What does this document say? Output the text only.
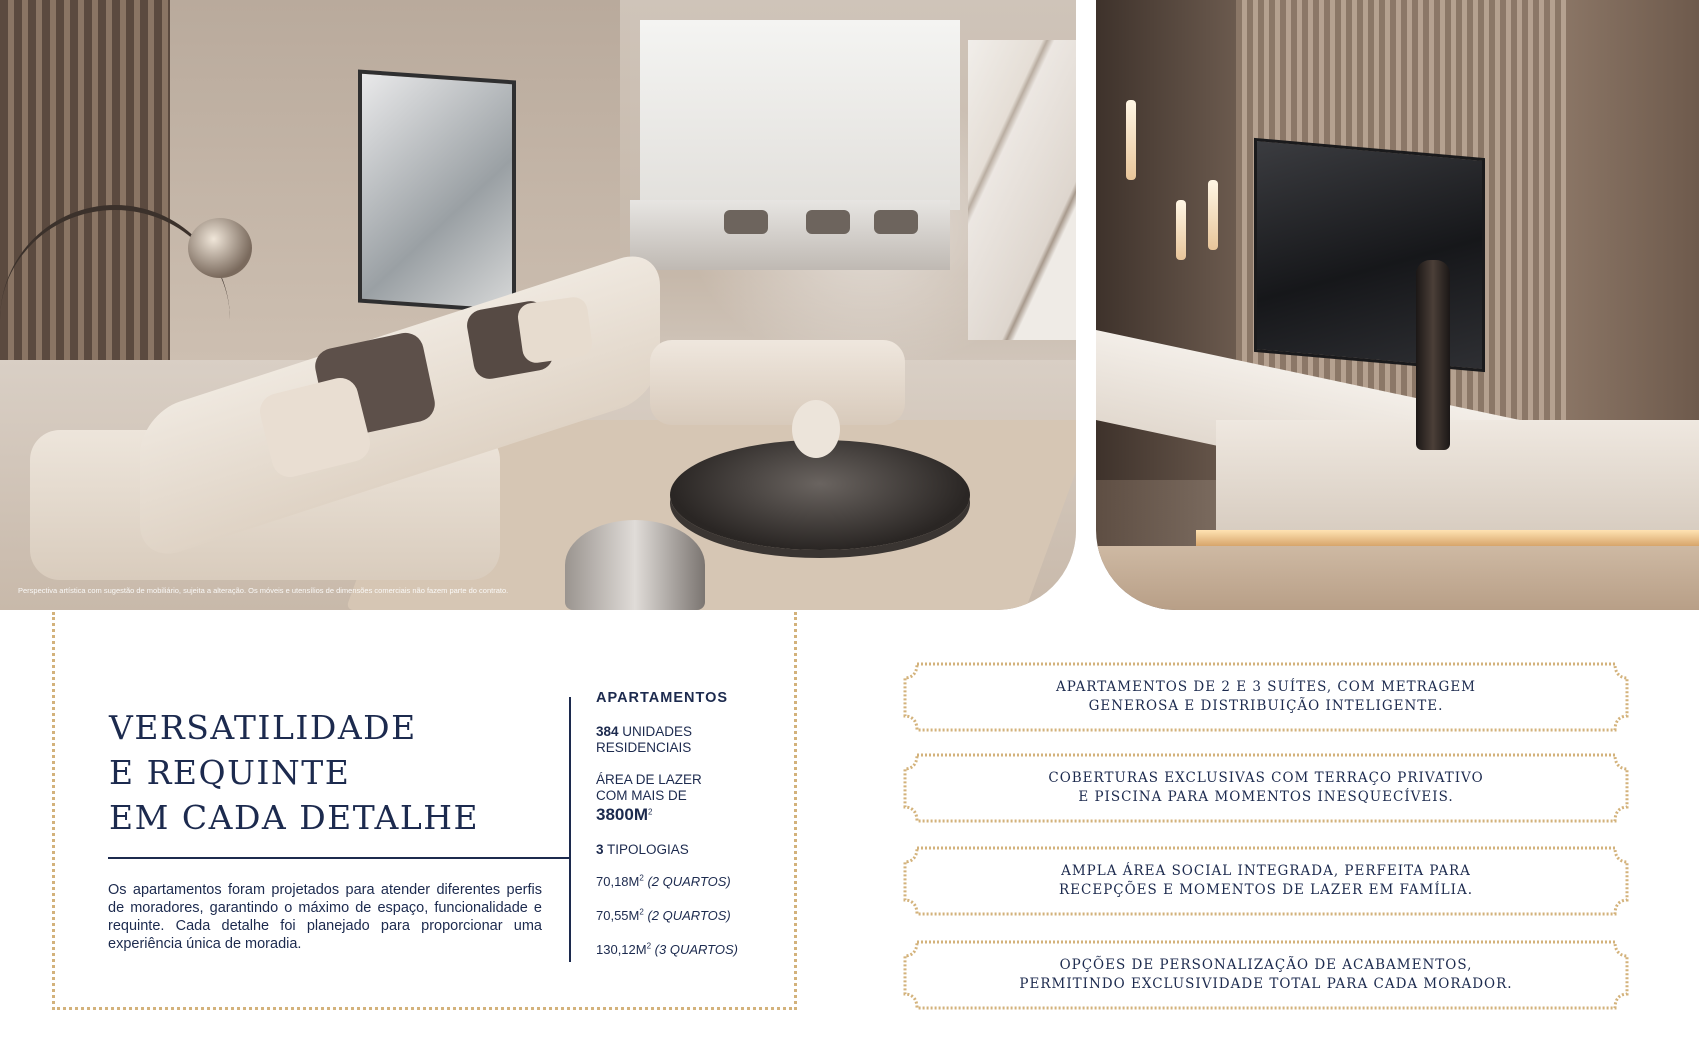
Perspectiva artística com sugestão de mobiliário, sujeita a alteração. Os móveis e utensílios de dimensões comerciais não fazem parte do contrato.
VERSATILIDADE
E REQUINTE
EM CADA DETALHE

Os apartamentos foram projetados para atender diferentes perfis de moradores, garantindo o máximo de espaço, funcionalidade e requinte. Cada detalhe foi planejado para proporcionar uma experiência única de moradia.

APARTAMENTOS
384 UNIDADES
RESIDENCIAIS
ÁREA DE LAZER
COM MAIS DE
$3800M^2$
3 TIPOLOGIAS
$70,18M^2$ (2 QUARTOS)
$70,55M^2$ (2 QUARTOS)
$130,12M^2$ (3 QUARTOS)
APARTAMENTOS DE 2 E 3 SUÍTES, COM METRAGEM
GENEROSA E DISTRIBUIÇÃO INTELIGENTE.
COBERTURAS EXCLUSIVAS COM TERRAÇO PRIVATIVO
E PISCINA PARA MOMENTOS INESQUECÍVEIS.
AMPLA ÁREA SOCIAL INTEGRADA, PERFEITA PARA
RECEPÇÕES E MOMENTOS DE LAZER EM FAMÍLIA.
OPÇÕES DE PERSONALIZAÇÃO DE ACABAMENTOS,
PERMITINDO EXCLUSIVIDADE TOTAL PARA CADA MORADOR.
